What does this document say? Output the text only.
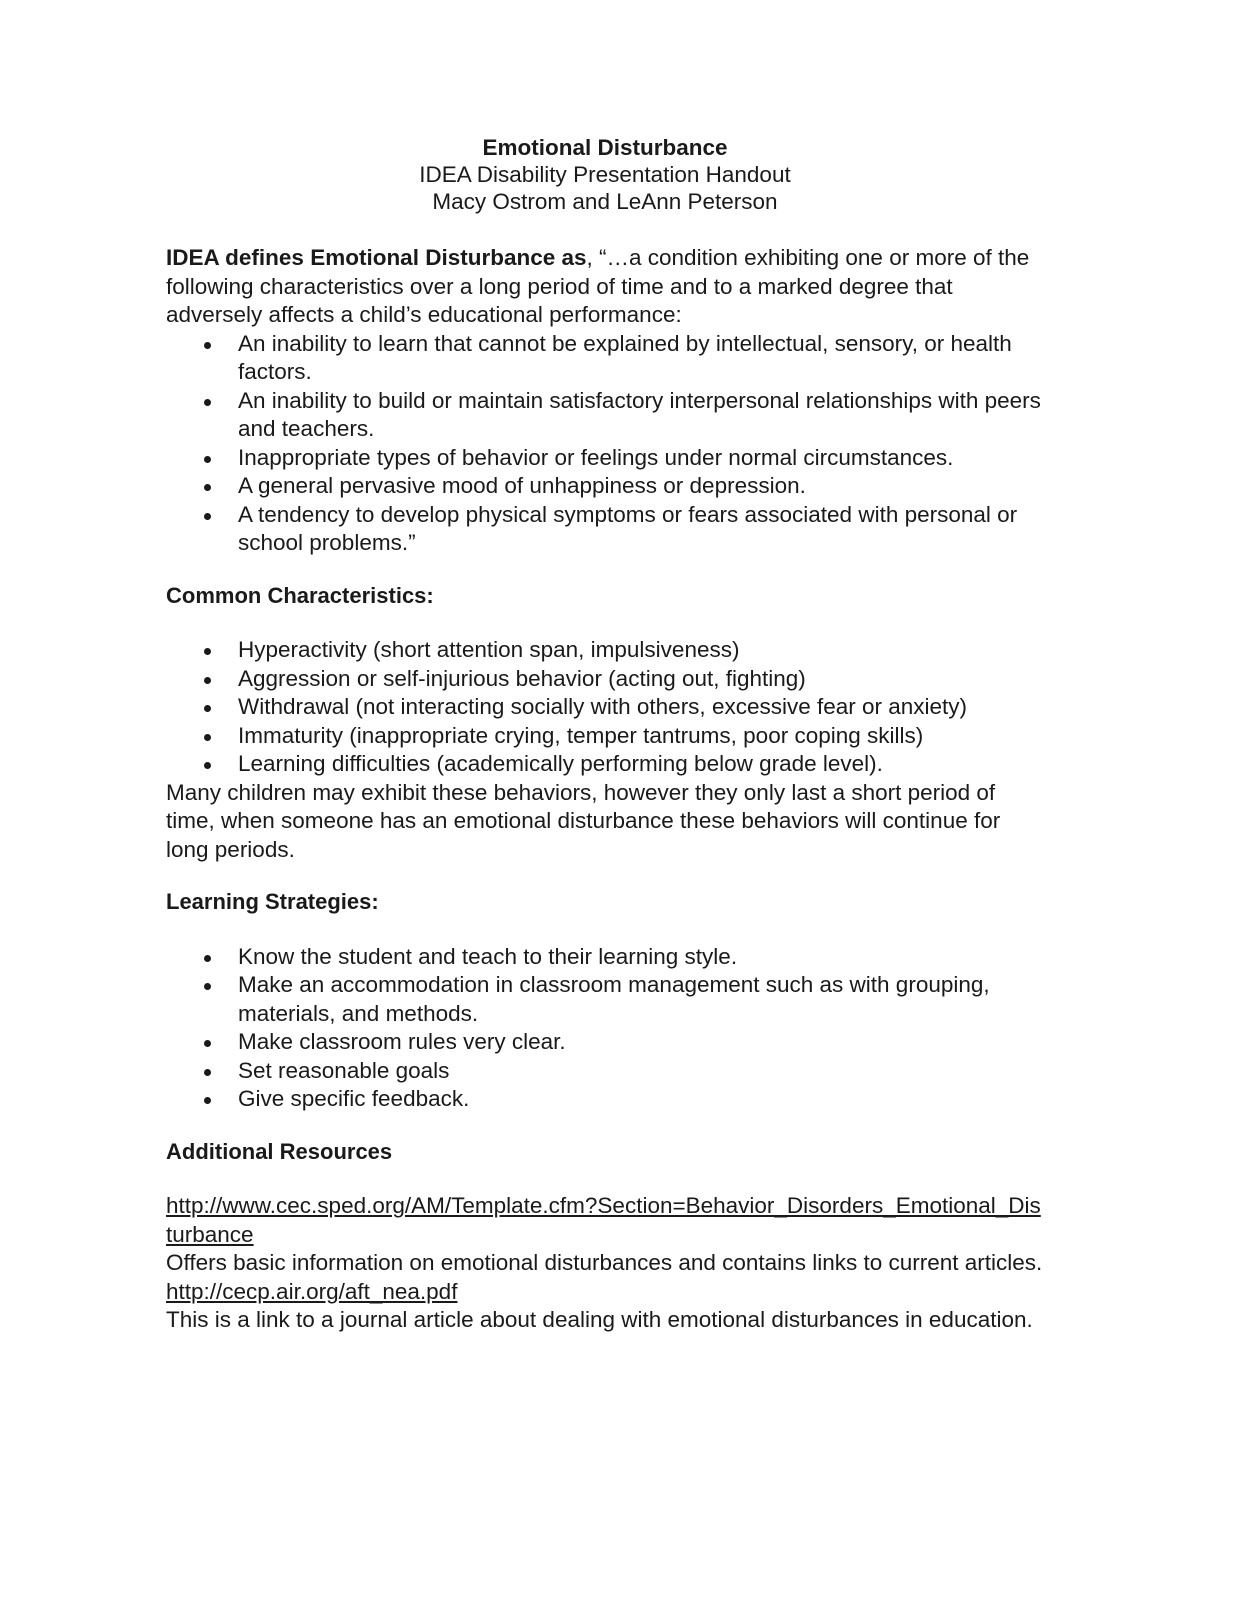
Emotional Disturbance
IDEA Disability Presentation Handout
Macy Ostrom and LeAnn Peterson

IDEA defines Emotional Disturbance as, “…a condition exhibiting one or more of the following characteristics over a long period of time and to a marked degree that adversely affects a child’s educational performance:

An inability to learn that cannot be explained by intellectual, sensory, or health factors.
An inability to build or maintain satisfactory interpersonal relationships with peers and teachers.
Inappropriate types of behavior or feelings under normal circumstances.
A general pervasive mood of unhappiness or depression.
A tendency to develop physical symptoms or fears associated with personal or school problems.”

Common Characteristics:

Hyperactivity (short attention span, impulsiveness)
Aggression or self-injurious behavior (acting out, fighting)
Withdrawal (not interacting socially with others, excessive fear or anxiety)
Immaturity (inappropriate crying, temper tantrums, poor coping skills)
Learning difficulties (academically performing below grade level).

Many children may exhibit these behaviors, however they only last a short period of time, when someone has an emotional disturbance these behaviors will continue for long periods.

Learning Strategies:

Know the student and teach to their learning style.
Make an accommodation in classroom management such as with grouping, materials, and methods.
Make classroom rules very clear.
Set reasonable goals
Give specific feedback.

Additional Resources

http://www.cec.sped.org/AM/Template.cfm?Section=Behavior_Disorders_Emotional_Disturbance

Offers basic information on emotional disturbances and contains links to current articles.

http://cecp.air.org/aft_nea.pdf

This is a link to a journal article about dealing with emotional disturbances in education.
